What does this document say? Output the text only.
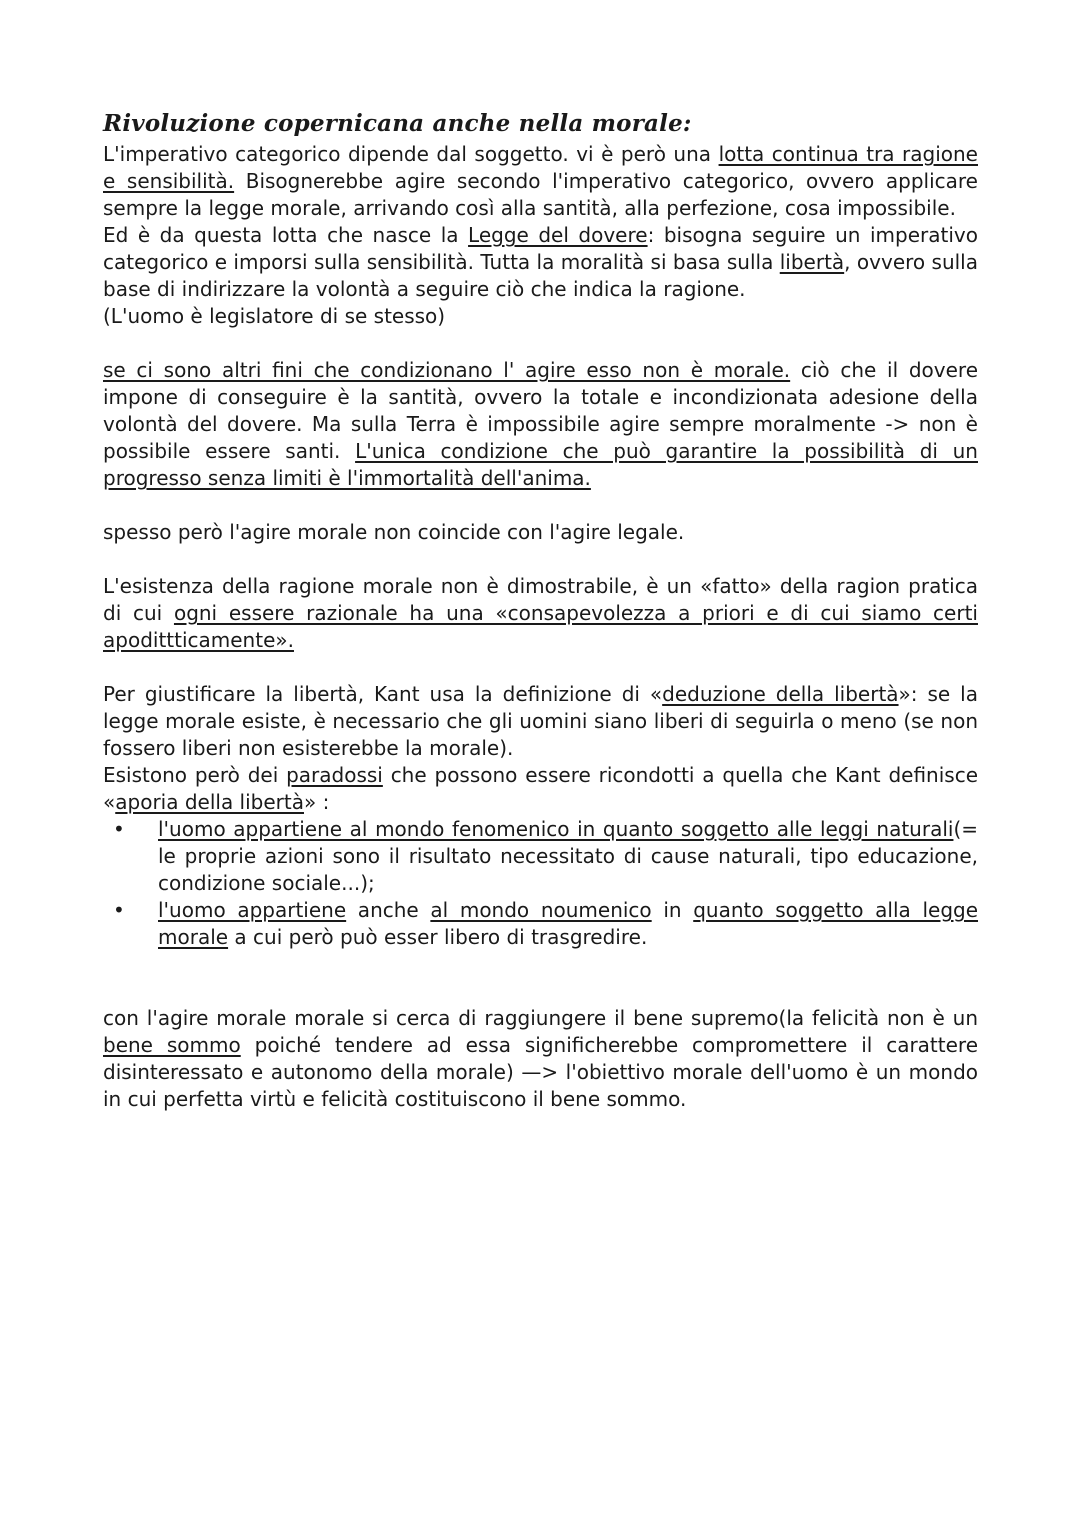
Rivoluzione copernicana anche nella morale:

L'imperativo categorico dipende dal soggetto. vi è però una lotta continua tra ragione e sensibilità. Bisognerebbe agire secondo l'imperativo categorico, ovvero applicare sempre la legge morale, arrivando così alla santità, alla perfezione, cosa impossibile.

Ed è da questa lotta che nasce la Legge del dovere: bisogna seguire un imperativo categorico e imporsi sulla sensibilità. Tutta la moralità si basa sulla libertà, ovvero sulla base di indirizzare la volontà a seguire ciò che indica la ragione.

(L'uomo è legislatore di se stesso)

se ci sono altri fini che condizionano l' agire esso non è morale. ciò che il dovere impone di conseguire è la santità, ovvero la totale e incondizionata adesione della volontà del dovere. Ma sulla Terra è impossibile agire sempre moralmente -> non è possibile essere santi. L'unica condizione che può garantire la possibilità di un progresso senza limiti è l'immortalità dell'anima.

spesso però l'agire morale non coincide con l'agire legale.

L'esistenza della ragione morale non è dimostrabile, è un «fatto» della ragion pratica di cui ogni essere razionale ha una «consapevolezza a priori e di cui siamo certi apodittticamente».

Per giustificare la libertà, Kant usa la definizione di «deduzione della libertà»: se la legge morale esiste, è necessario che gli uomini siano liberi di seguirla o meno (se non fossero liberi non esisterebbe la morale).

Esistono però dei paradossi che possono essere ricondotti a quella che Kant definisce «aporia della libertà» :

• l'uomo appartiene al mondo fenomenico in quanto soggetto alle leggi naturali(= le proprie azioni sono il risultato necessitato di cause naturali, tipo educazione, condizione sociale...);
• l'uomo appartiene anche al mondo noumenico in quanto soggetto alla legge morale a cui però può esser libero di trasgredire.

con l'agire morale morale si cerca di raggiungere il bene supremo(la felicità non è un bene sommo poiché tendere ad essa significherebbe compromettere il carattere disinteressato e autonomo della morale) —> l'obiettivo morale dell'uomo è un mondo in cui perfetta virtù e felicità costituiscono il bene sommo.
